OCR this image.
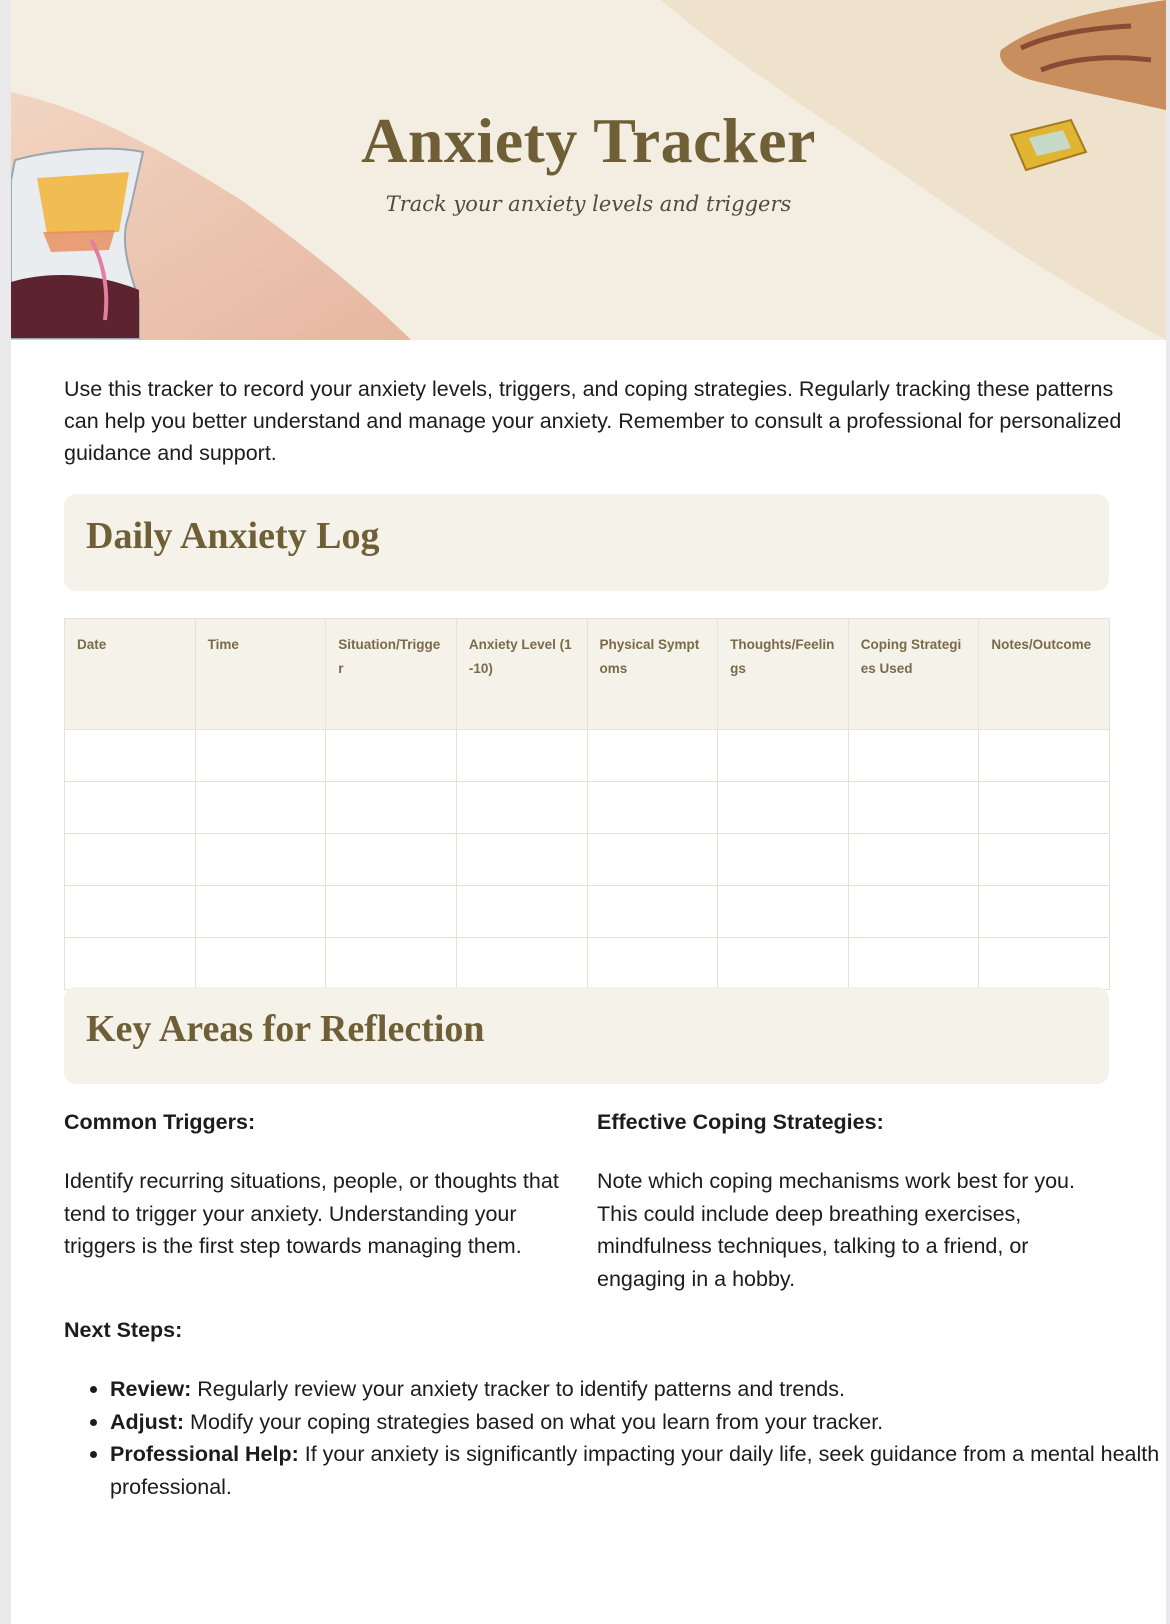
Anxiety Tracker
Track your anxiety levels and triggers
Use this tracker to record your anxiety levels, triggers, and coping strategies. Regularly tracking these patterns can help you better understand and manage your anxiety. Remember to consult a professional for personalized guidance and support.
Daily Anxiety Log
Date	Time	Situation/Trigger	Anxiety Level (1-10)	Physical Symptoms	Thoughts/Feelings	Coping Strategies Used	Notes/Outcome

Key Areas for Reflection
Common Triggers:
Identify recurring situations, people, or thoughts that tend to trigger your anxiety. Understanding your triggers is the first step towards managing them.
Effective Coping Strategies:
Note which coping mechanisms work best for you. This could include deep breathing exercises, mindfulness techniques, talking to a friend, or engaging in a hobby.
Next Steps:
• Review: Regularly review your anxiety tracker to identify patterns and trends.
• Adjust: Modify your coping strategies based on what you learn from your tracker.
• Professional Help: If your anxiety is significantly impacting your daily life, seek guidance from a mental health professional.
